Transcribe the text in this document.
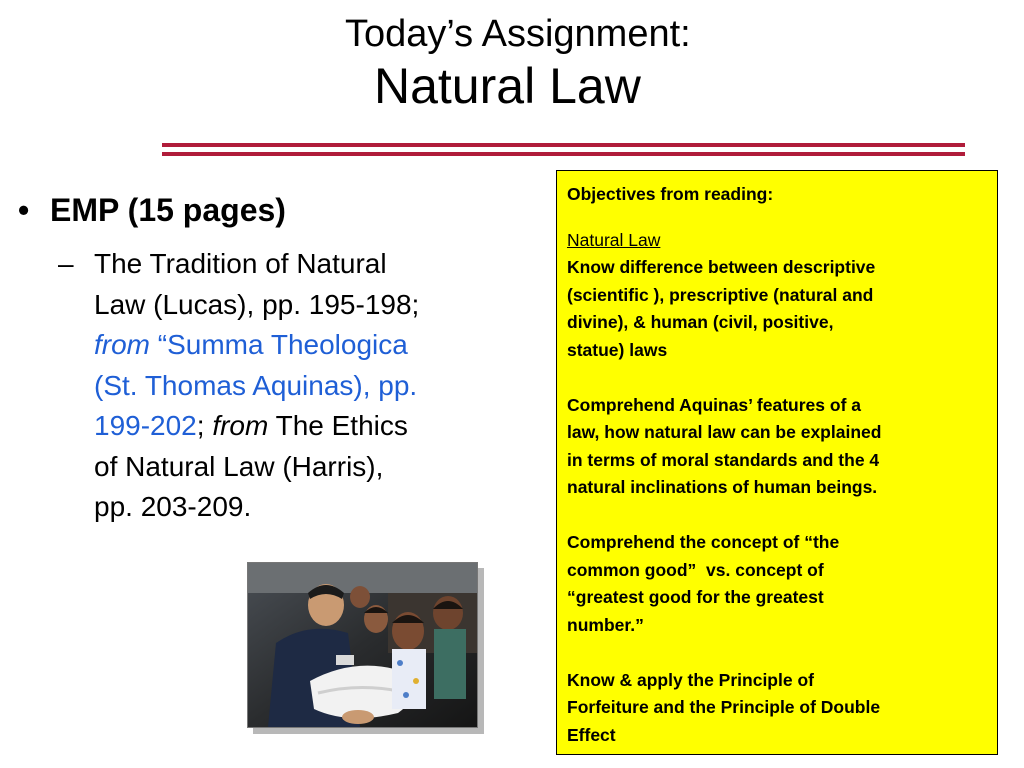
Today’s Assignment:
Natural Law
• EMP (15 pages)
– The Tradition of Natural
Law (Lucas), pp. 195-198;
from “Summa Theologica
(St. Thomas Aquinas), pp.
199-202; from The Ethics
of Natural Law (Harris),
pp. 203-209.
Objectives from reading:
Natural Law
Know difference between descriptive
(scientific ), prescriptive (natural and
divine), & human (civil, positive,
statue) laws
Comprehend Aquinas’ features of a
law, how natural law can be explained
in terms of moral standards and the 4
natural inclinations of human beings.
Comprehend the concept of “the
common good”  vs. concept of
“greatest good for the greatest
number.”
Know & apply the Principle of
Forfeiture and the Principle of Double
Effect
